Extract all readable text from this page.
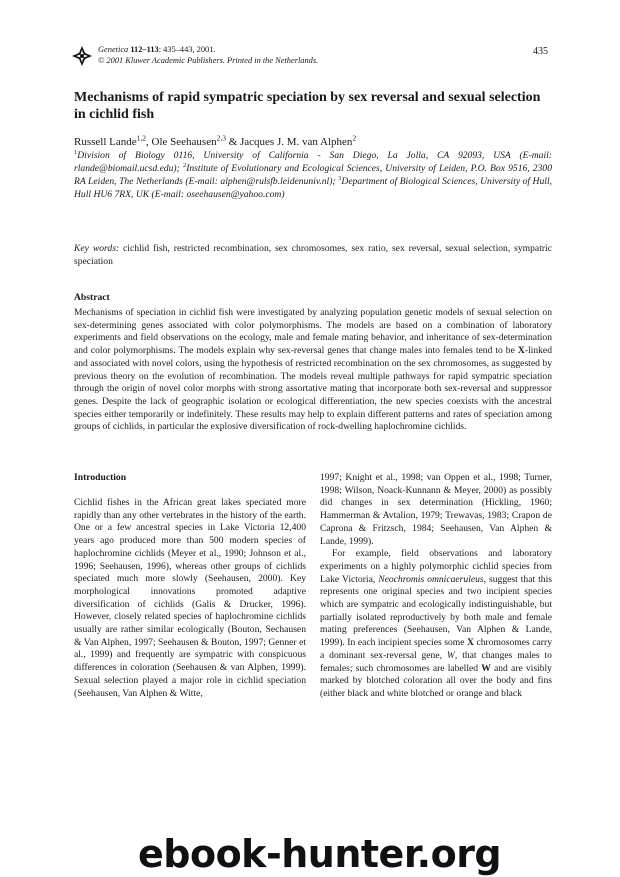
Genetica 112–113: 435–443, 2001.
© 2001 Kluwer Academic Publishers. Printed in the Netherlands.
435
Mechanisms of rapid sympatric speciation by sex reversal and sexual selection in cichlid fish
Russell Lande$^{1,2}$, Ole Seehausen$^{2,3}$ & Jacques J. M. van Alphen$^2$
$^1$Division of Biology 0116, University of California - San Diego, La Jolla, CA 92093, USA (E-mail: rlande@biomail.ucsd.edu); $^2$Institute of Evolutionary and Ecological Sciences, University of Leiden, P.O. Box 9516, 2300 RA Leiden, The Netherlands (E-mail: alphen@rulsfb.leidenuniv.nl); $^3$Department of Biological Sciences, University of Hull, Hull HU6 7RX, UK (E-mail: oseehausen@yahoo.com)
Key words: cichlid fish, restricted recombination, sex chromosomes, sex ratio, sex reversal, sexual selection, sympatric speciation
Abstract
Mechanisms of speciation in cichlid fish were investigated by analyzing population genetic models of sexual selection on sex-determining genes associated with color polymorphisms. The models are based on a combination of laboratory experiments and field observations on the ecology, male and female mating behavior, and inheritance of sex-determination and color polymorphisms. The models explain why sex-reversal genes that change males into females tend to be X-linked and associated with novel colors, using the hypothesis of restricted recombination on the sex chromosomes, as suggested by previous theory on the evolution of recombination. The models reveal multiple pathways for rapid sympatric speciation through the origin of novel color morphs with strong assortative mating that incorporate both sex-reversal and suppressor genes. Despite the lack of geographic isolation or ecological differentiation, the new species coexists with the ancestral species either temporarily or indefinitely. These results may help to explain different patterns and rates of speciation among groups of cichlids, in particular the explosive diversification of rock-dwelling haplochromine cichlids.
Introduction

Cichlid fishes in the African great lakes speciated more rapidly than any other vertebrates in the history of the earth. One or a few ancestral species in Lake Victoria 12,400 years ago produced more than 500 modern species of haplochromine cichlids (Meyer et al., 1990; Johnson et al., 1996; Seehausen, 1996), whereas other groups of cichlids speciated much more slowly (Seehausen, 2000). Key morphological innovations promoted adaptive diversification of cichlids (Galis & Drucker, 1996). However, closely related species of haplochromine cichlids usually are rather similar ecologically (Bouton, Sechausen & Van Alphen, 1997; Seehausen & Bouton, 1997; Genner et al., 1999) and frequently are sympatric with conspicuous differences in coloration (Seehausen & van Alphen, 1999). Sexual selection played a major role in cichlid speciation (Seehausen, Van Alphen & Witte,

1997; Knight et al., 1998; van Oppen et al., 1998; Turner, 1998; Wilson, Noack-Kunnann & Meyer, 2000) as possibly did changes in sex determination (Hickling, 1960; Hammerman & Avtalion, 1979; Trewavas, 1983; Crapon de Caprona & Fritzsch, 1984; Seehausen, Van Alphen & Lande, 1999).

For example, field observations and laboratory experiments on a highly polymorphic cichlid species from Lake Victoria, Neochromis omnicaeruleus, suggest that this represents one original species and two incipient species which are sympatric and ecologically indistinguishable, but partially isolated reproductively by both male and female mating preferences (Seehausen, Van Alphen & Lande, 1999). In each incipient species some X chromosomes carry a dominant sex-reversal gene, W, that changes males to females; such chromosomes are labelled W and are visibly marked by blotched coloration all over the body and fins (either black and white blotched or orange and black

ebook-hunter.org
